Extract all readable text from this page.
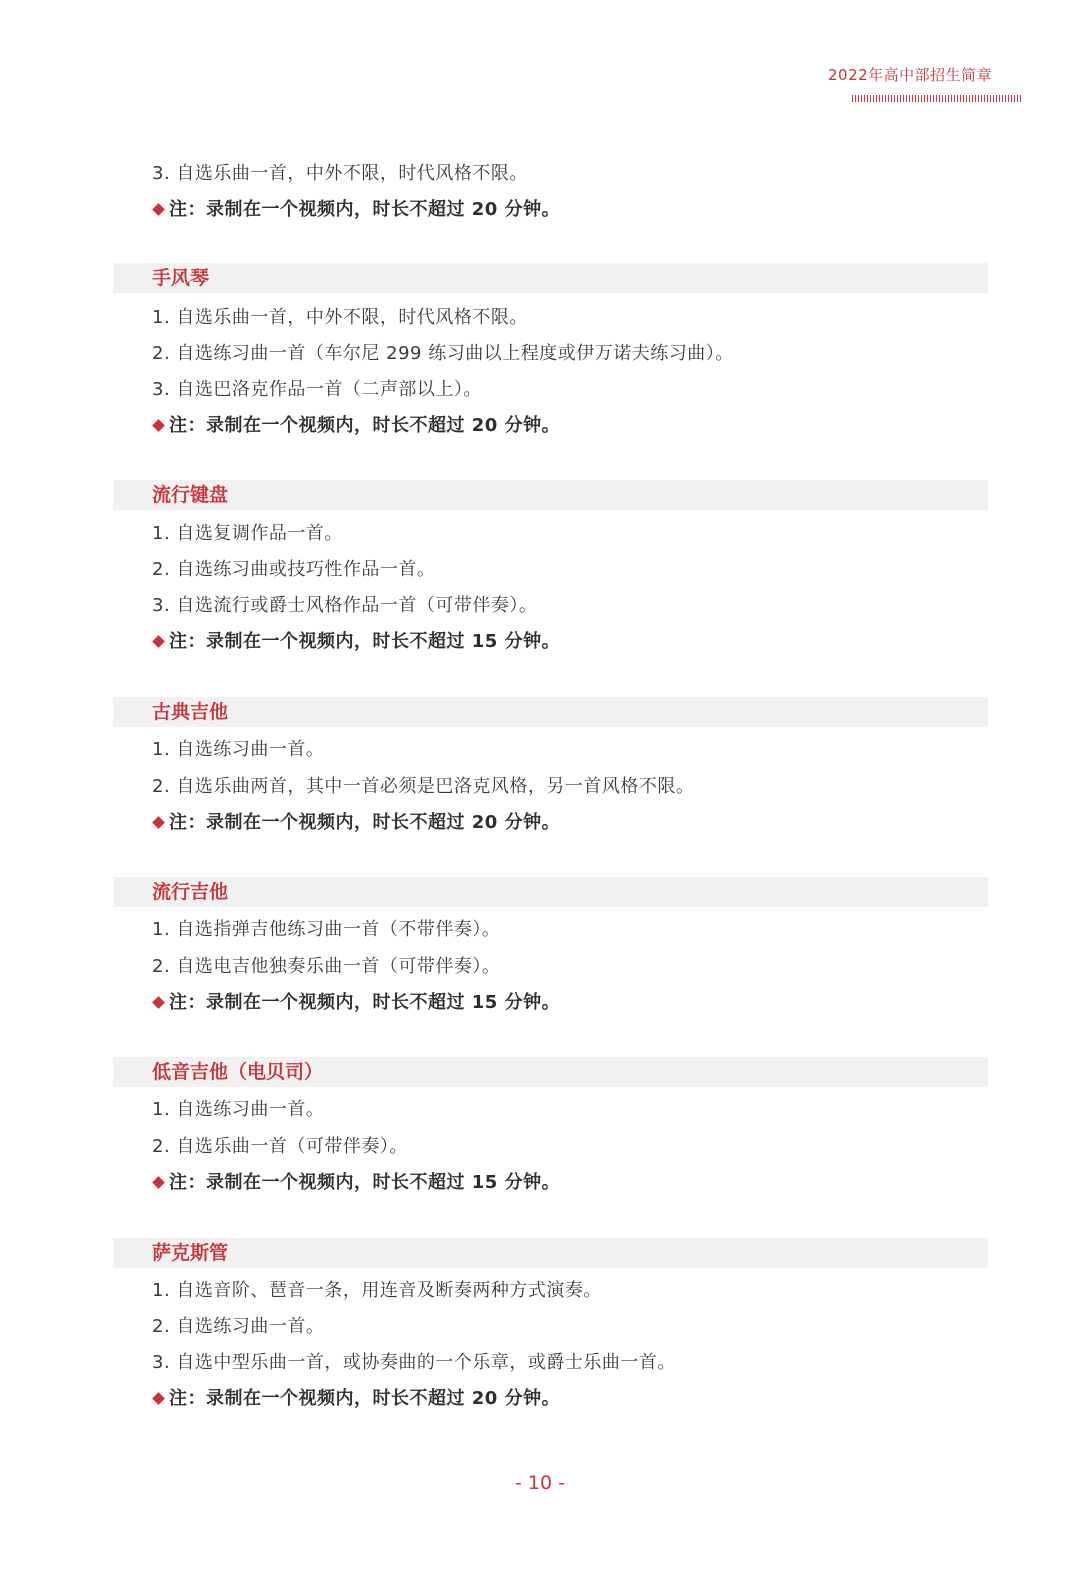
2022年高中部招生简章
3. 自选乐曲一首，中外不限，时代风格不限。
注：录制在一个视频内，时长不超过 20 分钟。
手风琴
1. 自选乐曲一首，中外不限，时代风格不限。
2. 自选练习曲一首（车尔尼 299 练习曲以上程度或伊万诺夫练习曲）。
3. 自选巴洛克作品一首（二声部以上）。
注：录制在一个视频内，时长不超过 20 分钟。
流行键盘
1. 自选复调作品一首。
2. 自选练习曲或技巧性作品一首。
3. 自选流行或爵士风格作品一首（可带伴奏）。
注：录制在一个视频内，时长不超过 15 分钟。
古典吉他
1. 自选练习曲一首。
2. 自选乐曲两首，其中一首必须是巴洛克风格，另一首风格不限。
注：录制在一个视频内，时长不超过 20 分钟。
流行吉他
1. 自选指弹吉他练习曲一首（不带伴奏）。
2. 自选电吉他独奏乐曲一首（可带伴奏）。
注：录制在一个视频内，时长不超过 15 分钟。
低音吉他（电贝司）
1. 自选练习曲一首。
2. 自选乐曲一首（可带伴奏）。
注：录制在一个视频内，时长不超过 15 分钟。
萨克斯管
1. 自选音阶、琶音一条，用连音及断奏两种方式演奏。
2. 自选练习曲一首。
3. 自选中型乐曲一首，或协奏曲的一个乐章，或爵士乐曲一首。
注：录制在一个视频内，时长不超过 20 分钟。
- 10 -
